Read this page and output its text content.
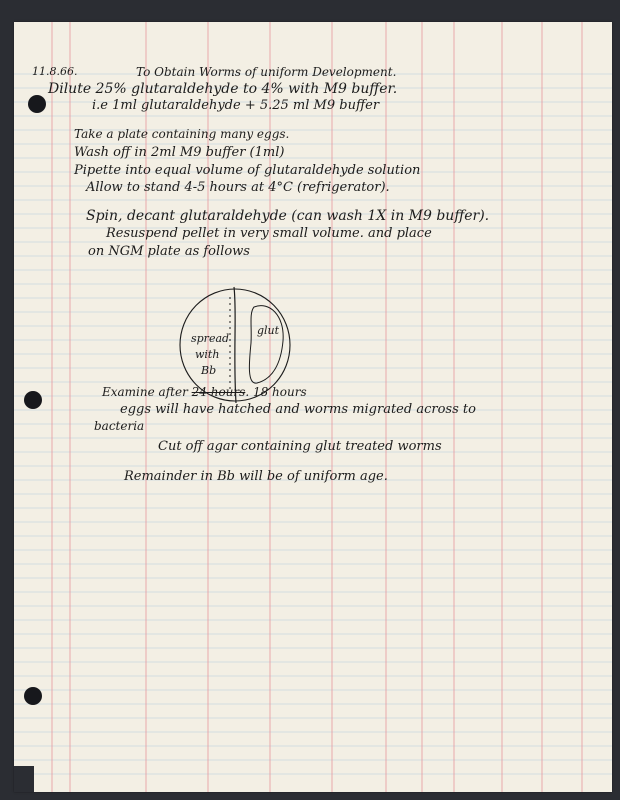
11.8.66.	To Obtain Worms of uniform Development.
Dilute 25% glutaraldehyde to 4% with M9 buffer.
i.e 1ml glutaraldehyde + 5.25 ml M9 buffer
Take a plate containing many eggs.
Wash off in 2ml M9 buffer (1ml)
Pipette into equal volume of glutaraldehyde solution
Allow to stand 4-5 hours at 4°C (refrigerator).
Spin, decant glutaraldehyde (can wash 1X in M9 buffer).
Resuspend pellet in very small volume. and place
on NGM plate as follows
spread
with
Bb
glut
Examine after 24 hours. 18 hours
eggs will have hatched and worms migrated across to
bacteria
Cut off agar containing glut treated worms
Remainder in Bb will be of uniform age.
